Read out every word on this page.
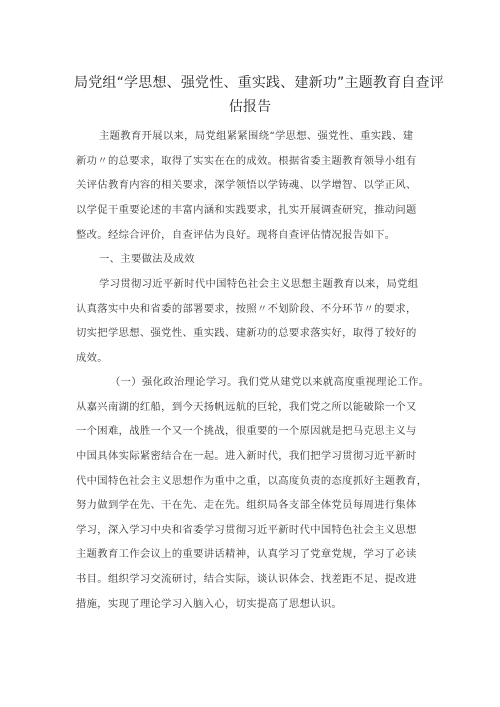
局党组“学思想、强党性、重实践、建新功”主题教育自查评
估报告
主题教育开展以来，局党组紧紧围绕“学思想、强党性、重实践、建
新功〃的总要求，取得了实实在在的成效。根据省委主题教育领导小组有
关评估教育内容的相关要求，深学领悟以学铸魂、以学增智、以学正风、
以学促干重要论述的丰富内涵和实践要求，扎实开展调查研究，推动问题
整改。经综合评价，自查评估为良好。现将自查评估情况报告如下。
一、主要做法及成效
学习贯彻习近平新时代中国特色社会主义思想主题教育以来，局党组
认真落实中央和省委的部署要求，按照〃不划阶段、不分环节〃的要求，
切实把学思想、强党性、重实践、建新功的总要求落实好，取得了较好的
成效。
（一）强化政治理论学习。我们党从建党以来就高度重视理论工作。
从嘉兴南湖的红船，到今天扬帆远航的巨轮，我们党之所以能破除一个又
一个困难，战胜一个又一个挑战，很重要的一个原因就是把马克思主义与
中国具体实际紧密结合在一起。进入新时代，我们把学习贯彻习近平新时
代中国特色社会主义思想作为重中之重，以高度负责的态度抓好主题教育，
努力做到学在先、干在先、走在先。组织局各支部全体党员每周进行集体
学习，深入学习中央和省委学习贯彻习近平新时代中国特色社会主义思想
主题教育工作会议上的重要讲话精神，认真学习了党章党规，学习了必读
书目。组织学习交流研讨，结合实际，谈认识体会、找差距不足、提改进
措施，实现了理论学习入脑入心，切实提高了思想认识。
